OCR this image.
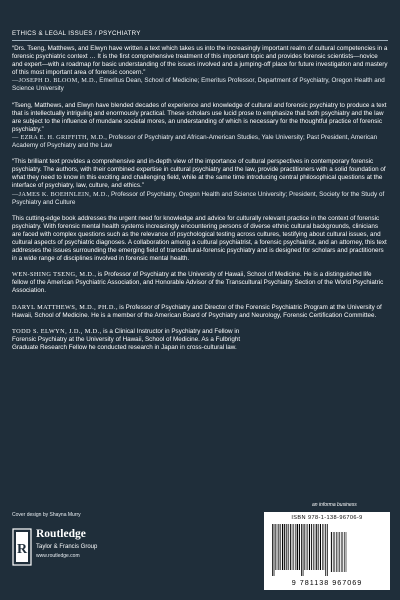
ETHICS & LEGAL ISSUES / PSYCHIATRY

“Drs. Tseng, Matthews, and Elwyn have written a text which takes us into the increasingly important realm of cultural competencies in a forensic psychiatric context … It is the first comprehensive treatment of this important topic and provides forensic scientists—novice and expert—with a roadmap for basic understanding of the issues involved and a jumping-off place for future investigation and mastery of this most important area of forensic concern.”

—JOSEPH D. BLOOM, M.D., Emeritus Dean, School of Medicine; Emeritus Professor, Department of Psychiatry, Oregon Health and Science University

“Tseng, Matthews, and Elwyn have blended decades of experience and knowledge of cultural and forensic psychiatry to produce a text that is intellectually intriguing and enormously practical. These scholars use lucid prose to emphasize that both psychiatry and the law are subject to the influence of mundane societal mores, an understanding of which is necessary for the thoughtful practice of forensic psychiatry.”

— EZRA E. H. GRIFFITH, M.D., Professor of Psychiatry and African-American Studies, Yale University; Past President, American Academy of Psychiatry and the Law

“This brilliant text provides a comprehensive and in-depth view of the importance of cultural perspectives in contemporary forensic psychiatry. The authors, with their combined expertise in cultural psychiatry and the law, provide practitioners with a solid foundation of what they need to know in this exciting and challenging field, while at the same time introducing central philosophical questions at the interface of psychiatry, law, culture, and ethics.”

—JAMES K. BOEHNLEIN, M.D., Professor of Psychiatry, Oregon Health and Science University; President, Society for the Study of Psychiatry and Culture

This cutting-edge book addresses the urgent need for knowledge and advice for culturally relevant practice in the context of forensic psychiatry. With forensic mental health systems increasingly encountering persons of diverse ethnic cultural backgrounds, clinicians are faced with complex questions such as the relevance of psychological testing across cultures, testifying about cultural issues, and cultural aspects of psychiatric diagnoses. A collaboration among a cultural psychiatrist, a forensic psychiatrist, and an attorney, this text addresses the issues surrounding the emerging field of transcultural-forensic psychiatry and is designed for scholars and practitioners in a wide range of disciplines involved in forensic mental health.

WEN-SHING TSENG, M.D., is Professor of Psychiatry at the University of Hawaii, School of Medicine. He is a distinguished life fellow of the American Psychiatric Association, and Honorable Advisor of the Transcultural Psychiatry Section of the World Psychiatric Association.

DARYL MATTHEWS, M.D., PH.D., is Professor of Psychiatry and Director of the Forensic Psychiatric Program at the University of Hawaii, School of Medicine. He is a member of the American Board of Psychiatry and Neurology, Forensic Certification Committee.

TODD S. ELWYN, J.D., M.D., is a Clinical Instructor in Psychiatry and Fellow in Forensic Psychiatry at the University of Hawaii, School of Medicine. As a Fulbright Graduate Research Fellow he conducted research in Japan in cross-cultural law.

Cover design by Shayna Murry
R
Routledge
Taylor & Francis Group
www.routledge.com
an informa business
ISBN 978-1-138-96706-9
9 781138 967069
